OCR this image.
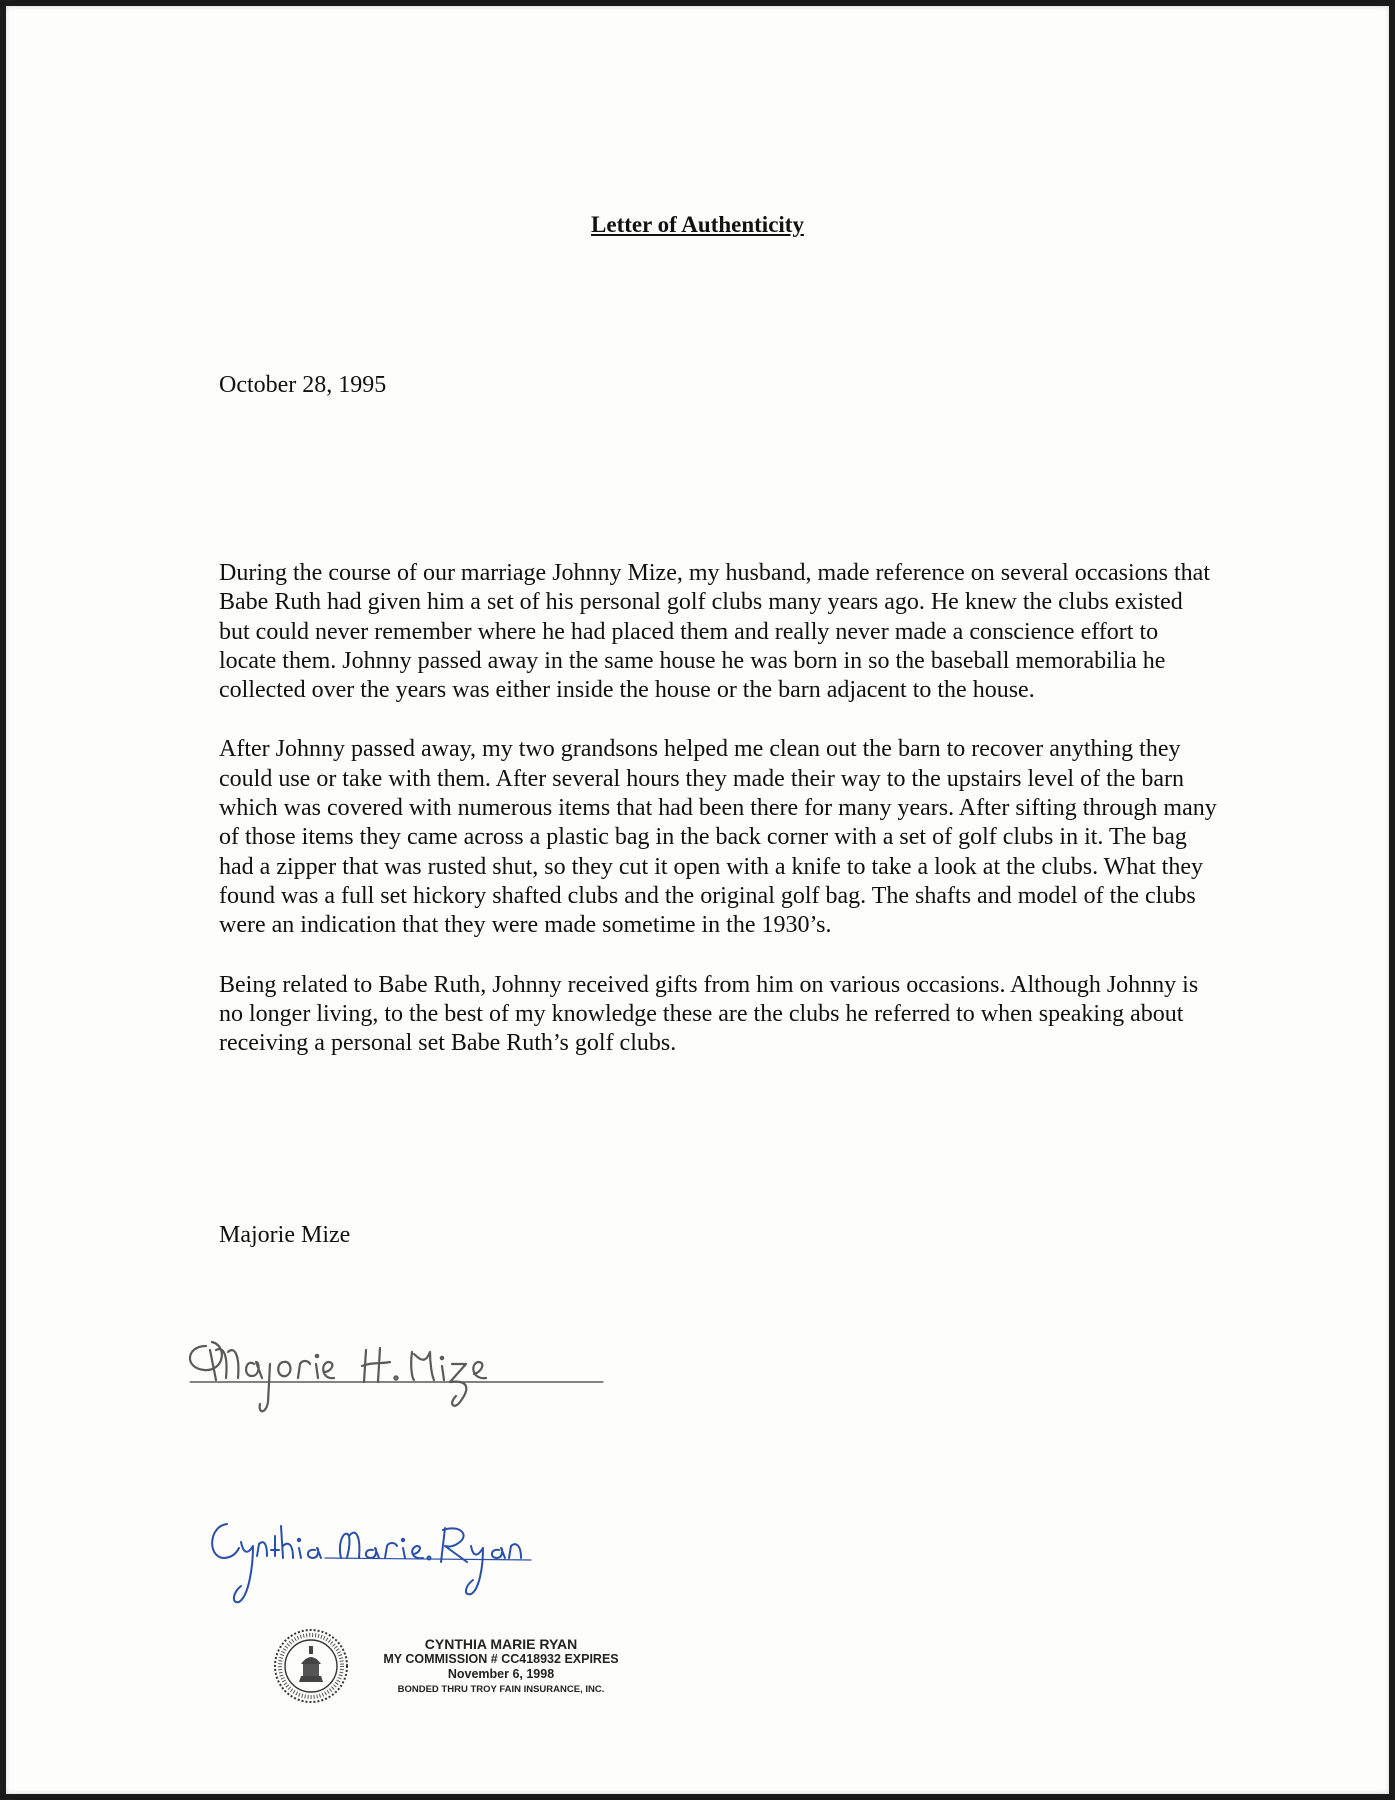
Letter of Authenticity
October 28, 1995

During the course of our marriage Johnny Mize, my husband, made reference on several occasions that Babe Ruth had given him a set of his personal golf clubs many years ago. He knew the clubs existed but could never remember where he had placed them and really never made a conscience effort to locate them. Johnny passed away in the same house he was born in so the baseball memorabilia he collected over the years was either inside the house or the barn adjacent to the house.

After Johnny passed away, my two grandsons helped me clean out the barn to recover anything they could use or take with them. After several hours they made their way to the upstairs level of the barn which was covered with numerous items that had been there for many years. After sifting through many of those items they came across a plastic bag in the back corner with a set of golf clubs in it. The bag had a zipper that was rusted shut, so they cut it open with a knife to take a look at the clubs. What they found was a full set hickory shafted clubs and the original golf bag. The shafts and model of the clubs were an indication that they were made sometime in the 1930’s.

Being related to Babe Ruth, Johnny received gifts from him on various occasions. Although Johnny is no longer living, to the best of my knowledge these are the clubs he referred to when speaking about receiving a personal set Babe Ruth’s golf clubs.

Majorie Mize
CYNTHIA MARIE RYAN
MY COMMISSION # CC418932 EXPIRES
November 6, 1998
BONDED THRU TROY FAIN INSURANCE, INC.
